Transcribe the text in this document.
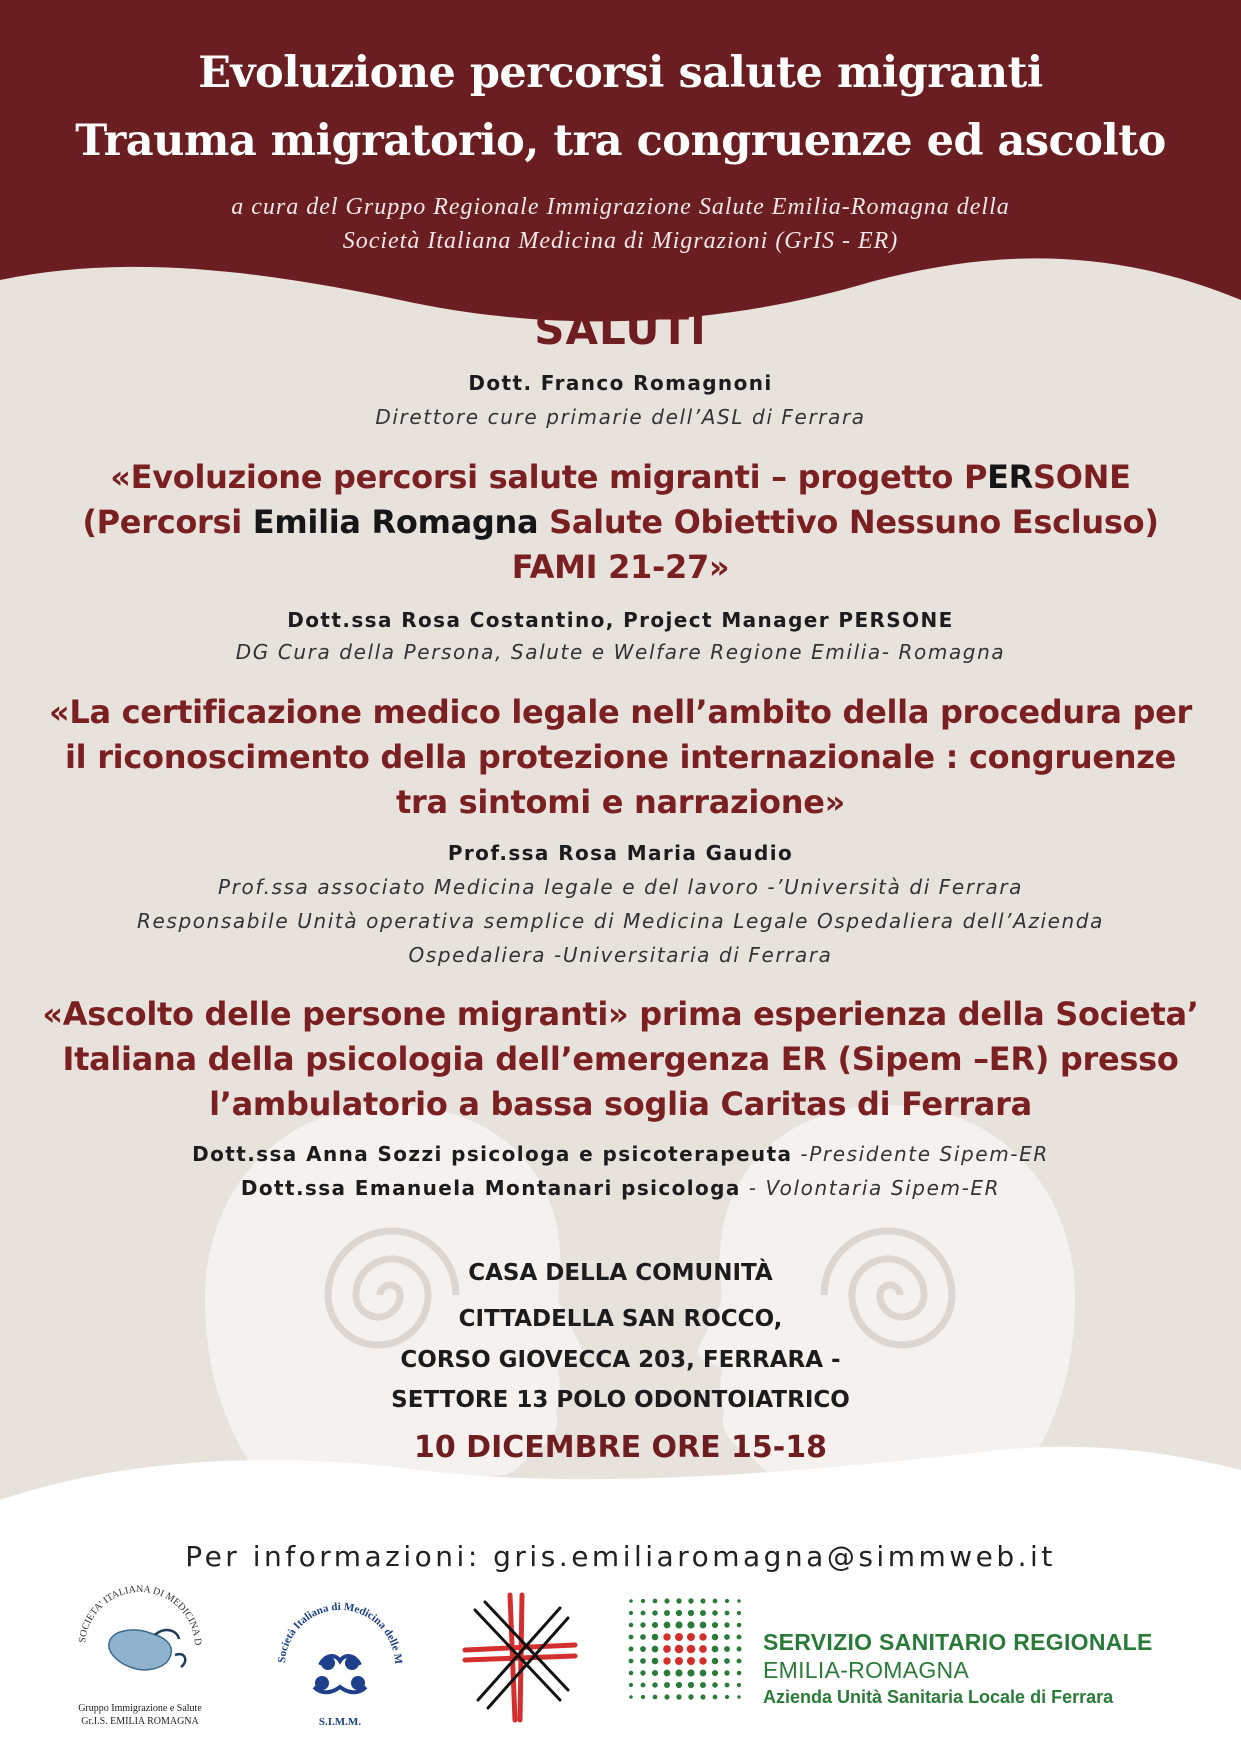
Evoluzione percorsi salute migranti
Trauma migratorio, tra congruenze ed ascolto
a cura del Gruppo Regionale Immigrazione Salute Emilia-Romagna della
Società Italiana Medicina di Migrazioni (GrIS - ER)
SALUTI
Dott. Franco Romagnoni
Direttore cure primarie dell’ASL di Ferrara
«Evoluzione percorsi salute migranti – progetto PERSONE
(Percorsi Emilia Romagna Salute Obiettivo Nessuno Escluso)
FAMI 21-27»
Dott.ssa Rosa Costantino, Project Manager PERSONE
DG Cura della Persona, Salute e Welfare Regione Emilia- Romagna
«La certificazione medico legale nell’ambito della procedura per
il riconoscimento della protezione internazionale : congruenze
tra sintomi e narrazione»
Prof.ssa Rosa Maria Gaudio
Prof.ssa associato Medicina legale e del lavoro -’Università di Ferrara
Responsabile Unità operativa semplice di Medicina Legale Ospedaliera dell’Azienda
Ospedaliera -Universitaria di Ferrara
«Ascolto delle persone migranti» prima esperienza della Societa’
Italiana della psicologia dell’emergenza ER (Sipem –ER) presso
l’ambulatorio a bassa soglia Caritas di Ferrara
Dott.ssa Anna Sozzi psicologa e psicoterapeuta -Presidente Sipem-ER
Dott.ssa Emanuela Montanari psicologa - Volontaria Sipem-ER
CASA DELLA COMUNITÀ
CITTADELLA SAN ROCCO,
CORSO GIOVECCA 203, FERRARA -
SETTORE 13 POLO ODONTOIATRICO
10 DICEMBRE ORE 15-18
Per informazioni: gris.emiliaromagna@simmweb.it
SOCIETA' ITALIANA DI MEDICINA D
Gruppo Immigrazione e Salute
Gr.I.S. EMILIA ROMAGNA
Società Italiana di Medicina delle M
S.I.M.M.
SERVIZIO SANITARIO REGIONALE
EMILIA-ROMAGNA
Azienda Unità Sanitaria Locale di Ferrara
